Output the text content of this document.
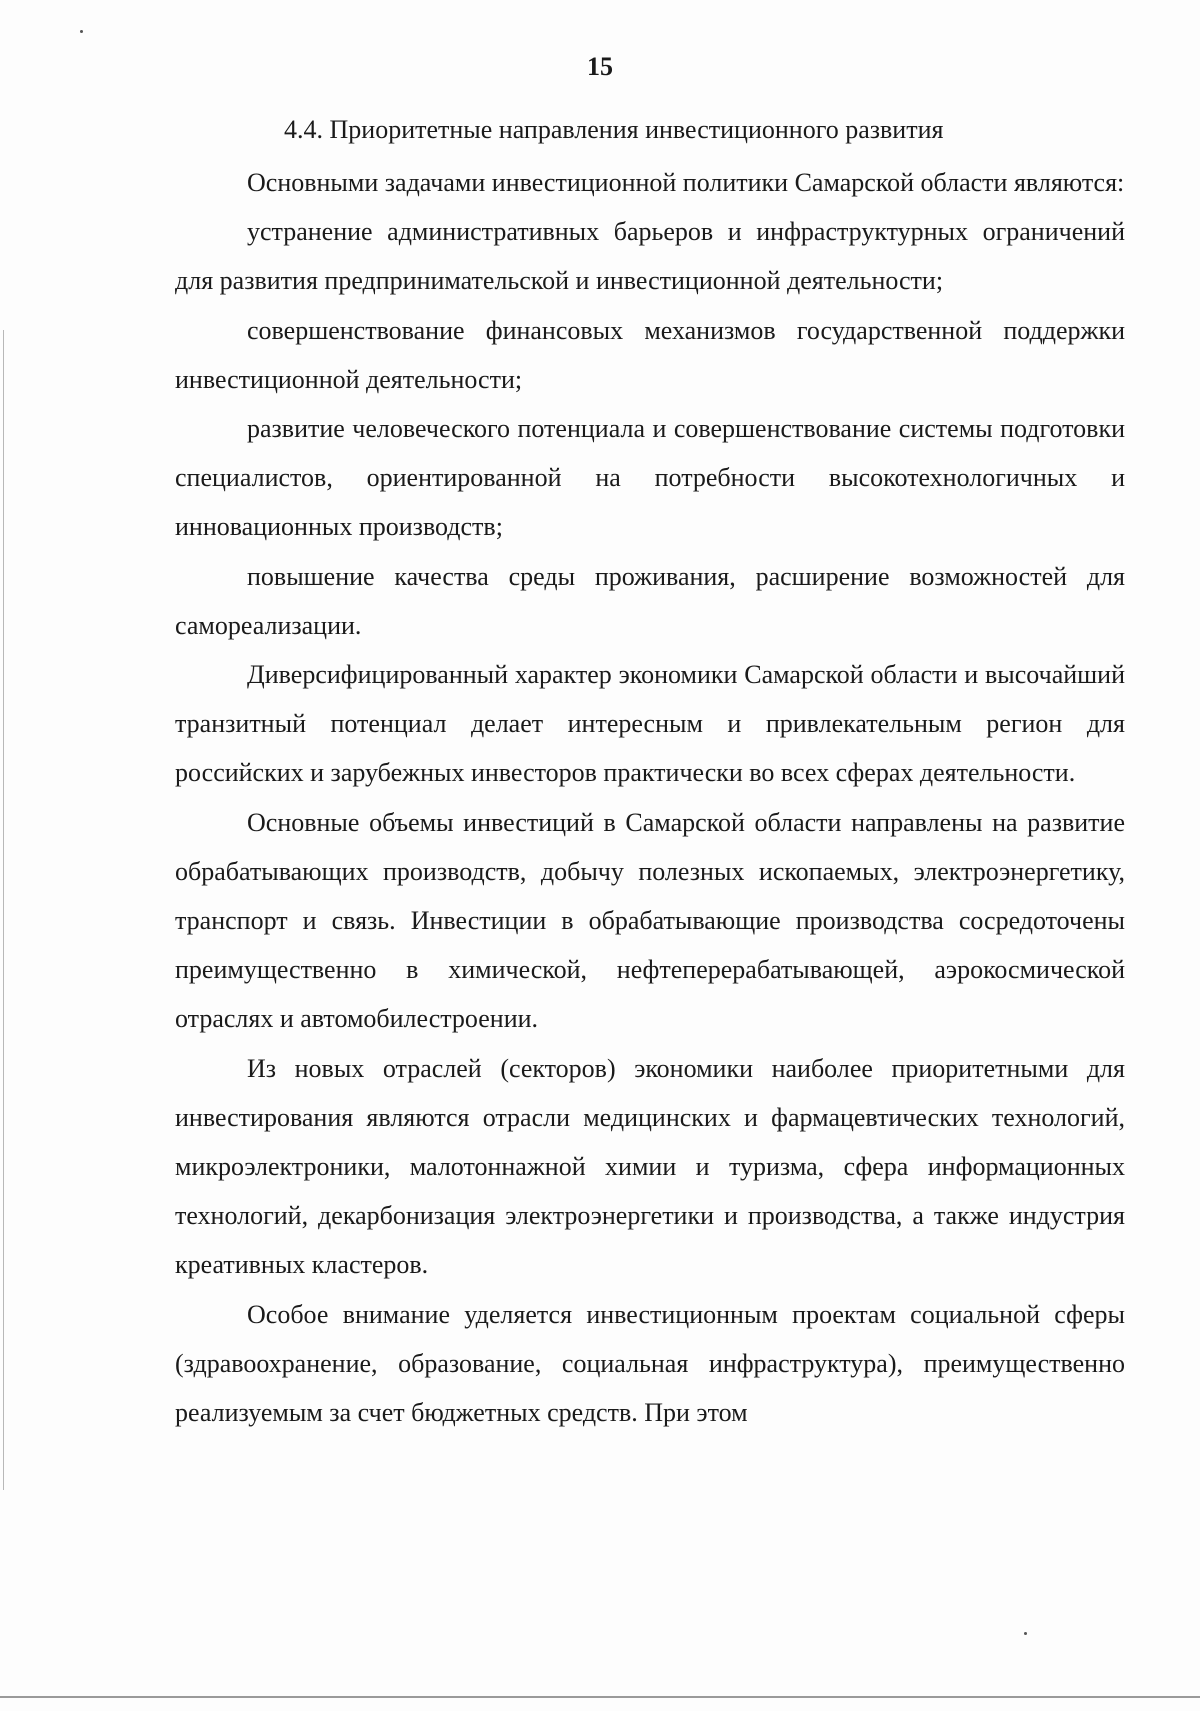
15
4.4. Приоритетные направления инвестиционного развития

Основными задачами инвестиционной политики Самарской области являются:

устранение административных барьеров и инфраструктурных ограничений для развития предпринимательской и инвестиционной деятельности;

совершенствование финансовых механизмов государственной поддержки инвестиционной деятельности;

развитие человеческого потенциала и совершенствование системы подготовки специалистов, ориентированной на потребности высокотехнологичных и инновационных производств;

повышение качества среды проживания, расширение возможностей для самореализации.

Диверсифицированный характер экономики Самарской области и высочайший транзитный потенциал делает интересным и привлекательным регион для российских и зарубежных инвесторов практически во всех сферах деятельности.

Основные объемы инвестиций в Самарской области направлены на развитие обрабатывающих производств, добычу полезных ископаемых, электроэнергетику, транспорт и связь. Инвестиции в обрабатывающие производства сосредоточены преимущественно в химической, нефтеперерабатывающей, аэрокосмической отраслях и автомобилестроении.

Из новых отраслей (секторов) экономики наиболее приоритетными для инвестирования являются отрасли медицинских и фармацевтических технологий, микроэлектроники, малотоннажной химии и туризма, сфера информационных технологий, декарбонизация электроэнергетики и производства, а также индустрия креативных кластеров.

Особое внимание уделяется инвестиционным проектам социальной сферы (здравоохранение, образование, социальная инфраструктура), преимущественно реализуемым за счет бюджетных средств. При этом
